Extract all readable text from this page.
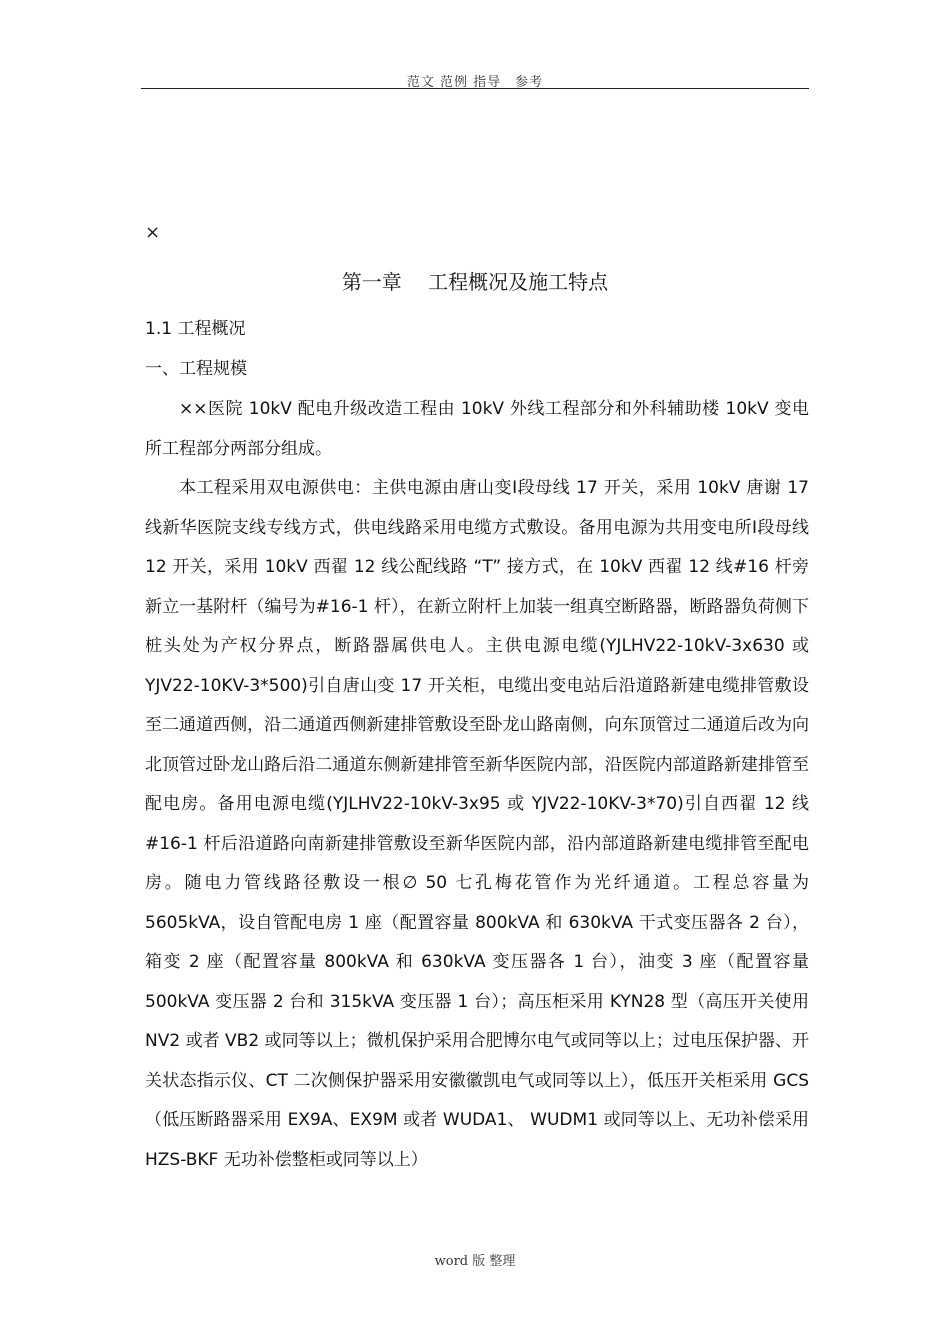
范文 范例 指导　参考
×
第一章　 工程概况及施工特点
1.1 工程概况
一、工程规模

××医院 10kV 配电升级改造工程由 10kV 外线工程部分和外科辅助楼 10kV 变电所工程部分两部分组成。

本工程采用双电源供电：主供电源由唐山变Ⅰ段母线 17 开关，采用 10kV 唐谢 17 线新华医院支线专线方式，供电线路采用电缆方式敷设。备用电源为共用变电所Ⅰ段母线 12 开关，采用 10kV 西翟 12 线公配线路 “T” 接方式，在 10kV 西翟 12 线#16 杆旁新立一基附杆（编号为#16-1 杆），在新立附杆上加装一组真空断路器，断路器负荷侧下桩头处为产权分界点，断路器属供电人。主供电源电缆(YJLHV22-10kV-3x630 或 YJV22-10KV-3*500)引自唐山变 17 开关柜，电缆出变电站后沿道路新建电缆排管敷设至二通道西侧，沿二通道西侧新建排管敷设至卧龙山路南侧，向东顶管过二通道后改为向北顶管过卧龙山路后沿二通道东侧新建排管至新华医院内部，沿医院内部道路新建排管至配电房。备用电源电缆(YJLHV22-10kV-3x95 或 YJV22-10KV-3*70)引自西翟 12 线#16-1 杆后沿道路向南新建排管敷设至新华医院内部，沿内部道路新建电缆排管至配电房。随电力管线路径敷设一根∅ 50 七孔梅花管作为光纤通道。工程总容量为 5605kVA，设自管配电房 1 座（配置容量 800kVA 和 630kVA 干式变压器各 2 台），箱变 2 座（配置容量 800kVA 和 630kVA 变压器各 1 台），油变 3 座（配置容量 500kVA 变压器 2 台和 315kVA 变压器 1 台）；高压柜采用 KYN28 型（高压开关使用 NV2 或者 VB2 或同等以上；微机保护采用合肥博尔电气或同等以上；过电压保护器、开关状态指示仪、CT 二次侧保护器采用安徽徽凯电气或同等以上），低压开关柜采用 GCS（低压断路器采用 EX9A、EX9M 或者 WUDA1、 WUDM1 或同等以上、无功补偿采用 HZS-BKF 无功补偿整柜或同等以上）

word 版 整理
